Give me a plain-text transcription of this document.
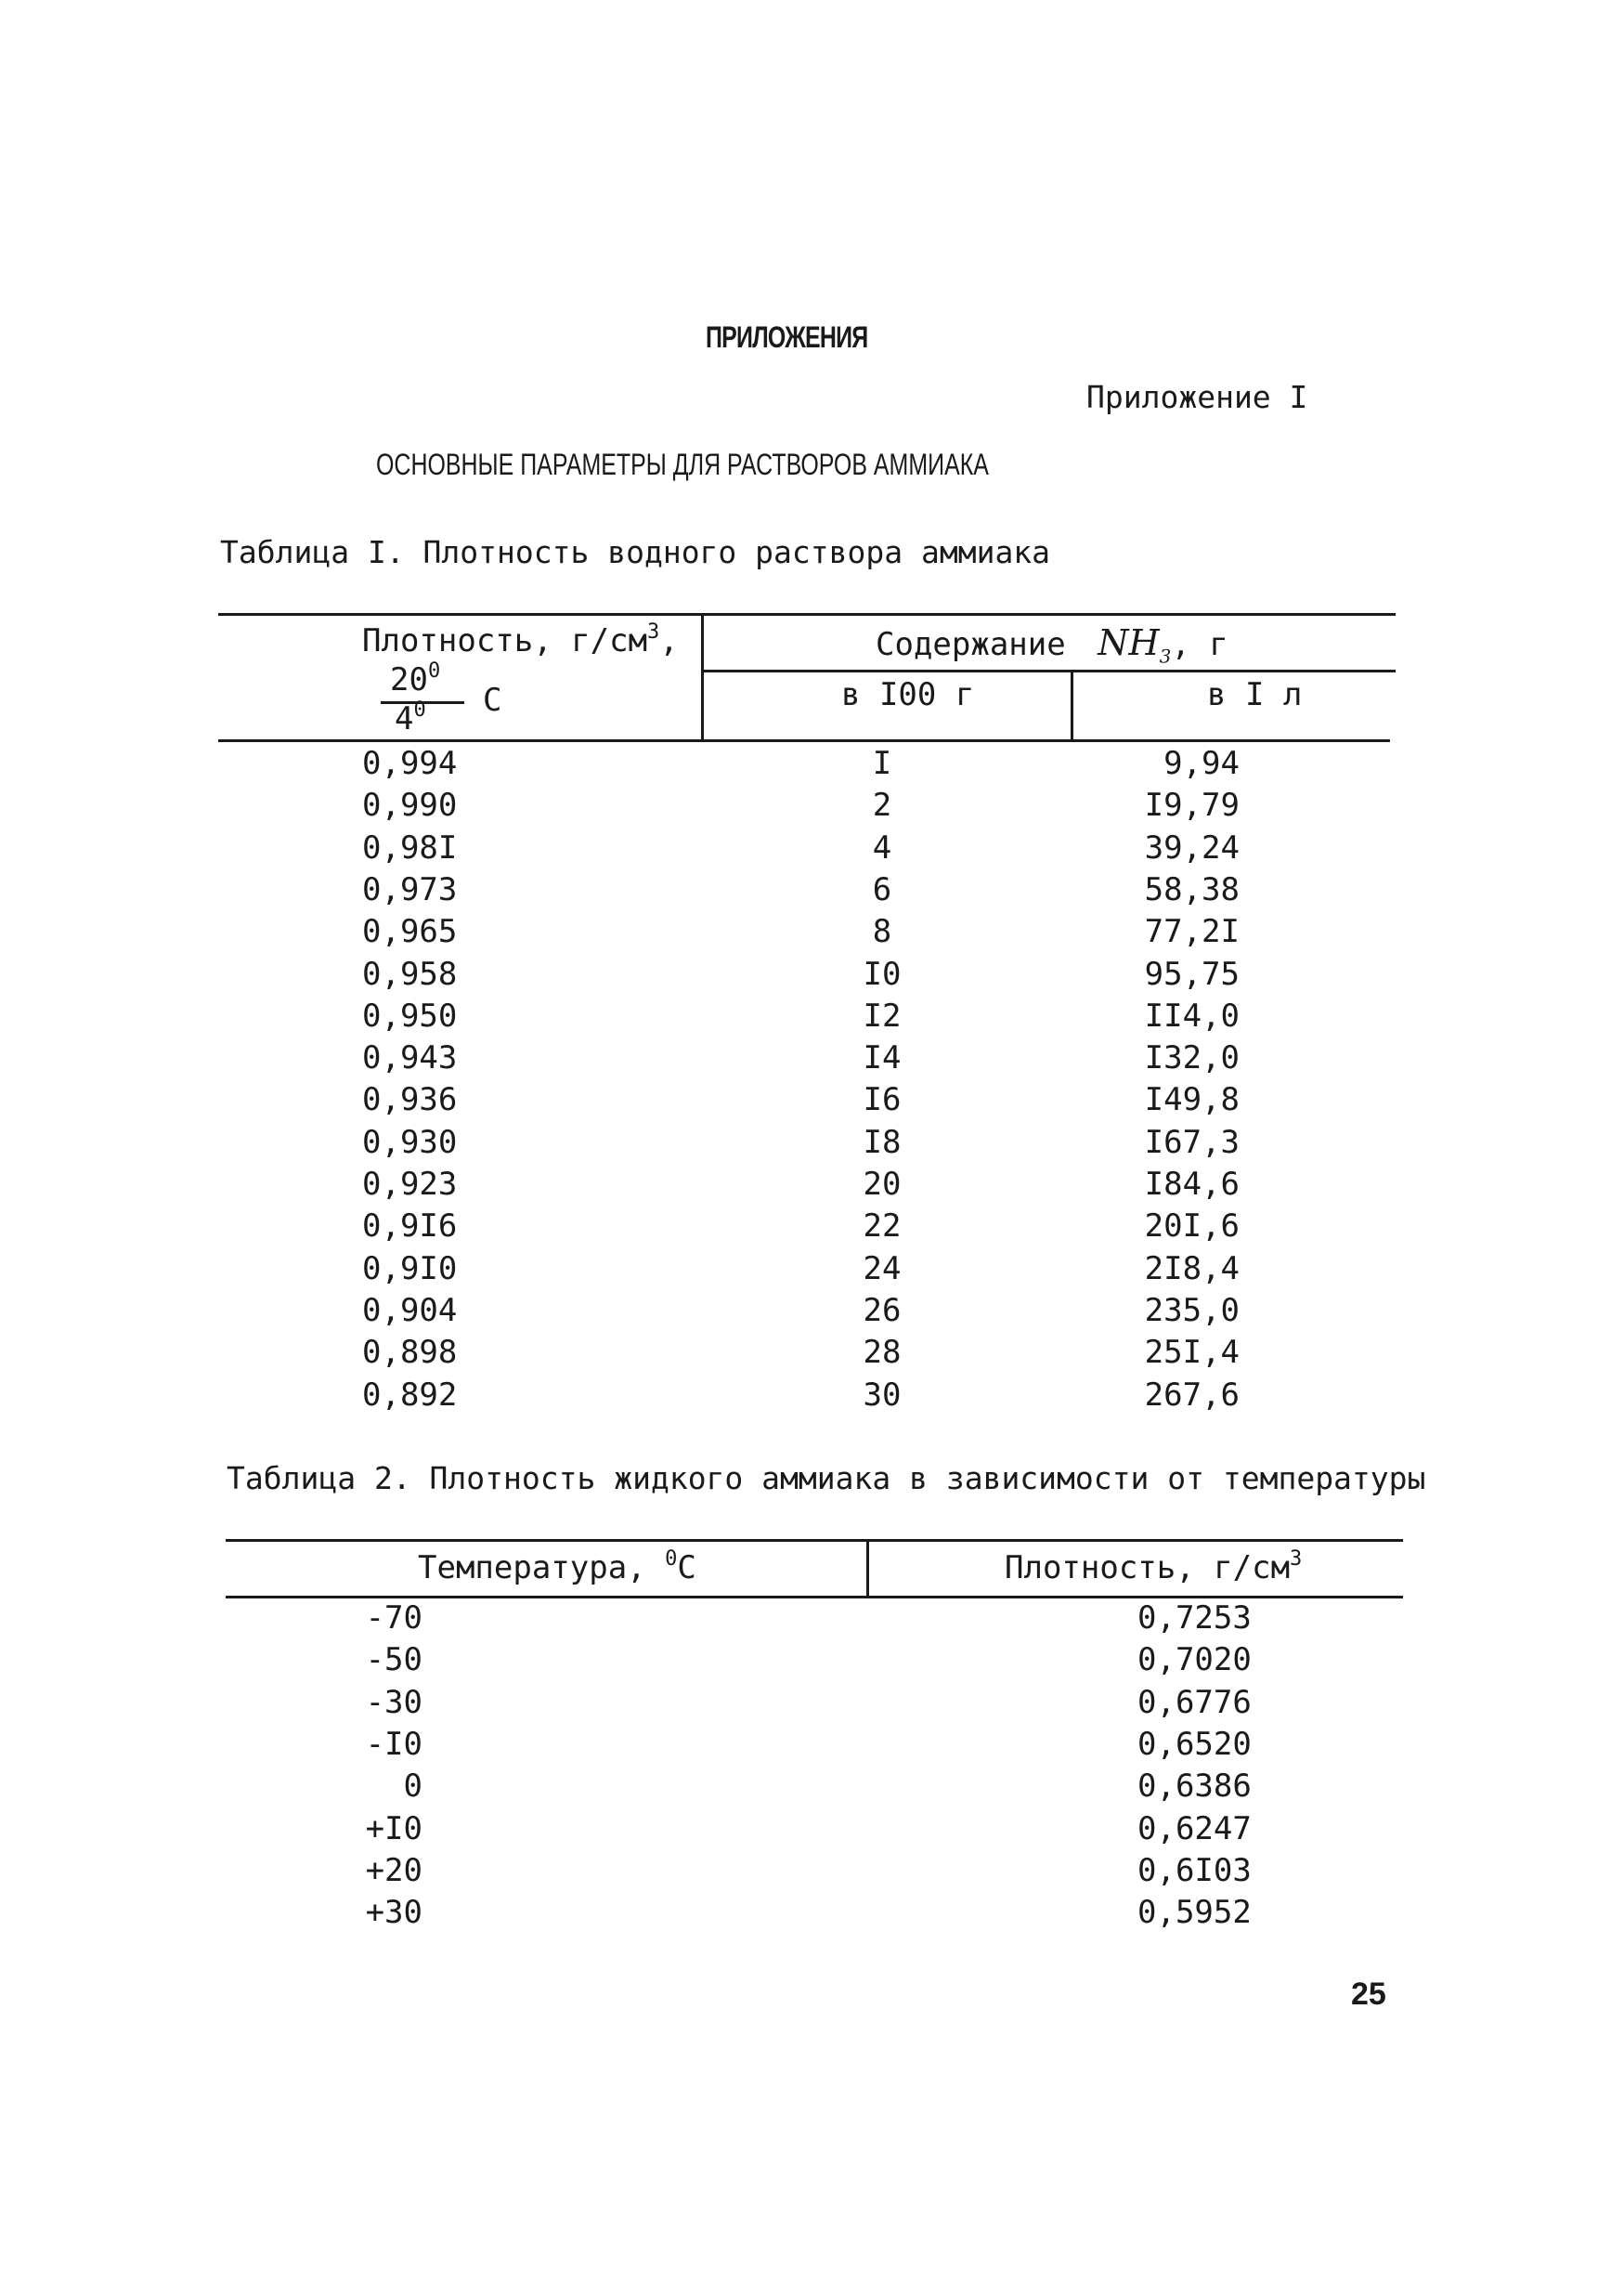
ПРИЛОЖЕНИЯ
Приложение I
ОСНОВНЫЕ ПАРАМЕТРЫ ДЛЯ РАСТВОРОВ АММИАКА
Таблица I. Плотность водного раствора аммиака
Плотность, $г/см^3$,
$20^0$
C
$4^0$
Содержание $NH_3$, г
в I00 г	в I л
0,994	I	9,94
0,990	2	I9,79
0,98I	4	39,24
0,973	6	58,38
0,965	8	77,2I
0,958	I0	95,75
0,950	I2	II4,0
0,943	I4	I32,0
0,936	I6	I49,8
0,930	I8	I67,3
0,923	20	I84,6
0,9I6	22	20I,6
0,9I0	24	2I8,4
0,904	26	235,0
0,898	28	25I,4
0,892	30	267,6
Таблица 2. Плотность жидкого аммиака в зависимости от температуры
Температура, $^0$C	Плотность, $г/см^3$
-70	0,7253
-50	0,7020
-30	0,6776
-I0	0,6520
0	0,6386
+I0	0,6247
+20	0,6I03
+30	0,5952
25
